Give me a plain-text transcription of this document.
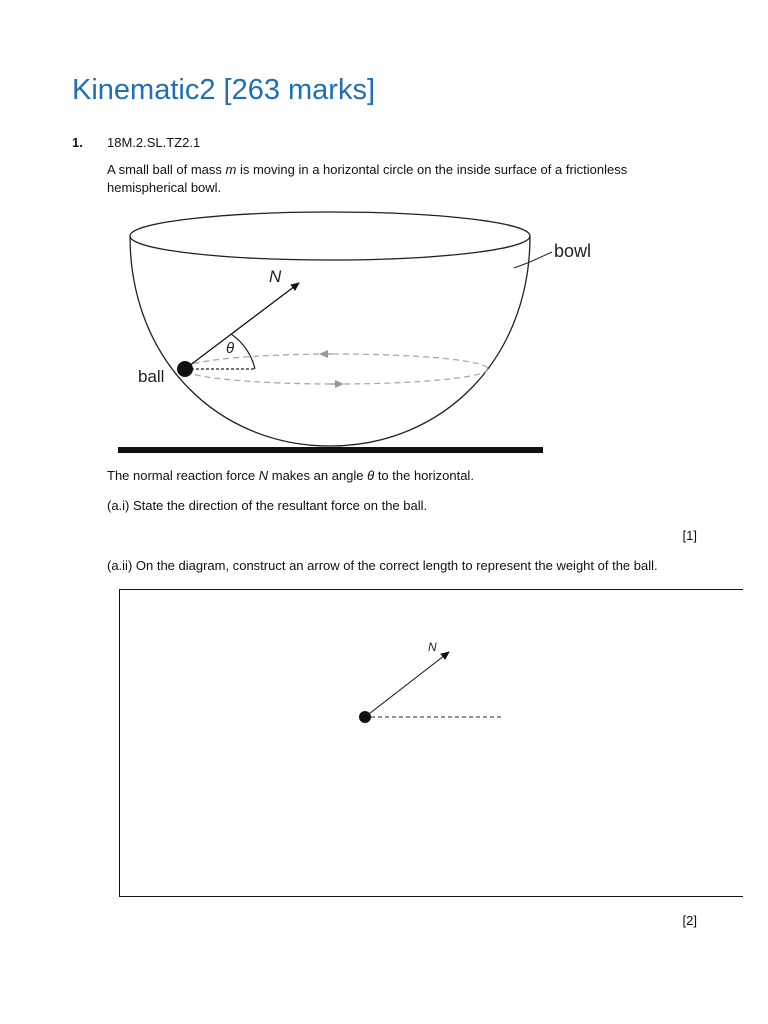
Kinematic2 [263 marks]
1. 18M.2.SL.TZ2.1
A small ball of mass m is moving in a horizontal circle on the inside surface of a frictionless
hemispherical bowl.
bowl
ball
N
θ
The normal reaction force N makes an angle θ to the horizontal.
(a.i) State the direction of the resultant force on the ball.
[1]
(a.ii) On the diagram, construct an arrow of the correct length to represent the weight of the ball.
N
[2]
